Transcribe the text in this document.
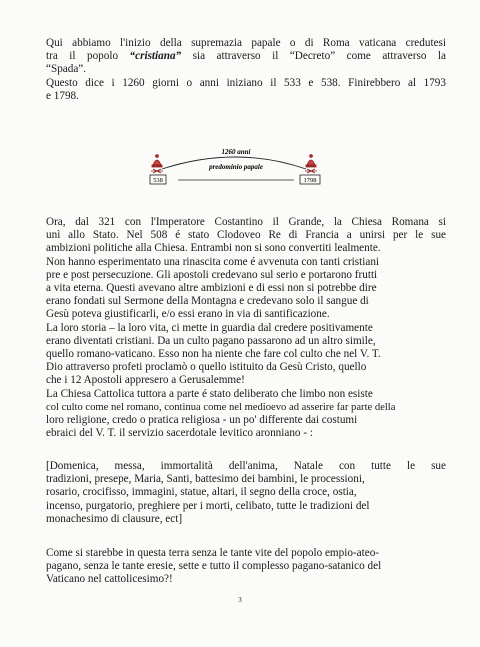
Qui abbiamo l'inizio della supremazia papale o di Roma vaticana credutesi
tra il popolo “cristiana” sia attraverso il “Decreto” come attraverso la
“Spada”.
Questo dice i 1260 giorni o anni iniziano il 533 e 538. Finirebbero al 1793
e 1798.
1260 anni
predominio papale
538	1798
Ora, dal 321 con l'Imperatore Costantino il Grande, la Chiesa Romana si
unì allo Stato. Nel 508 é stato Clodoveo Re di Francia a unirsi per le sue
ambizioni politiche alla Chiesa. Entrambi non si sono convertiti lealmente.
Non hanno esperimentato una rinascita come é avvenuta con tanti cristiani
pre e post persecuzione. Gli apostoli credevano sul serio e portarono frutti
a vita eterna. Questi avevano altre ambizioni e di essi non si potrebbe dire
erano fondati sul Sermone della Montagna e credevano solo il sangue di
Gesù poteva giustificarli, e/o essi erano in via di santificazione.
La loro storia – la loro vita, ci mette in guardia dal credere positivamente
erano diventati cristiani. Da un culto pagano passarono ad un altro simile,
quello romano-vaticano. Esso non ha niente che fare col culto che nel V. T.
Dio attraverso profeti proclamò o quello istituito da Gesù Cristo, quello
che i 12 Apostoli appresero a Gerusalemme!
La Chiesa Cattolica tuttora a parte é stato deliberato che limbo non esiste
col culto come nel romano, continua come nel medioevo ad asserire far parte della
loro religione, credo o pratica religiosa - un po' differente dai costumi
ebraici del V. T. il servizio sacerdotale levitico aronniano - :
[Domenica, messa, immortalità dell'anima, Natale con tutte le sue
tradizioni, presepe, Maria, Santi, battesimo dei bambini, le processioni,
rosario, crocifisso, immagini, statue, altari, il segno della croce, ostia,
incenso, purgatorio, preghiere per i morti, celibato, tutte le tradizioni del
monachesimo di clausure, ect]
Come si starebbe in questa terra senza le tante vite del popolo empio-ateo-
pagano, senza le tante eresie, sette e tutto il complesso pagano-satanico del
Vaticano nel cattolicesimo?!
3
